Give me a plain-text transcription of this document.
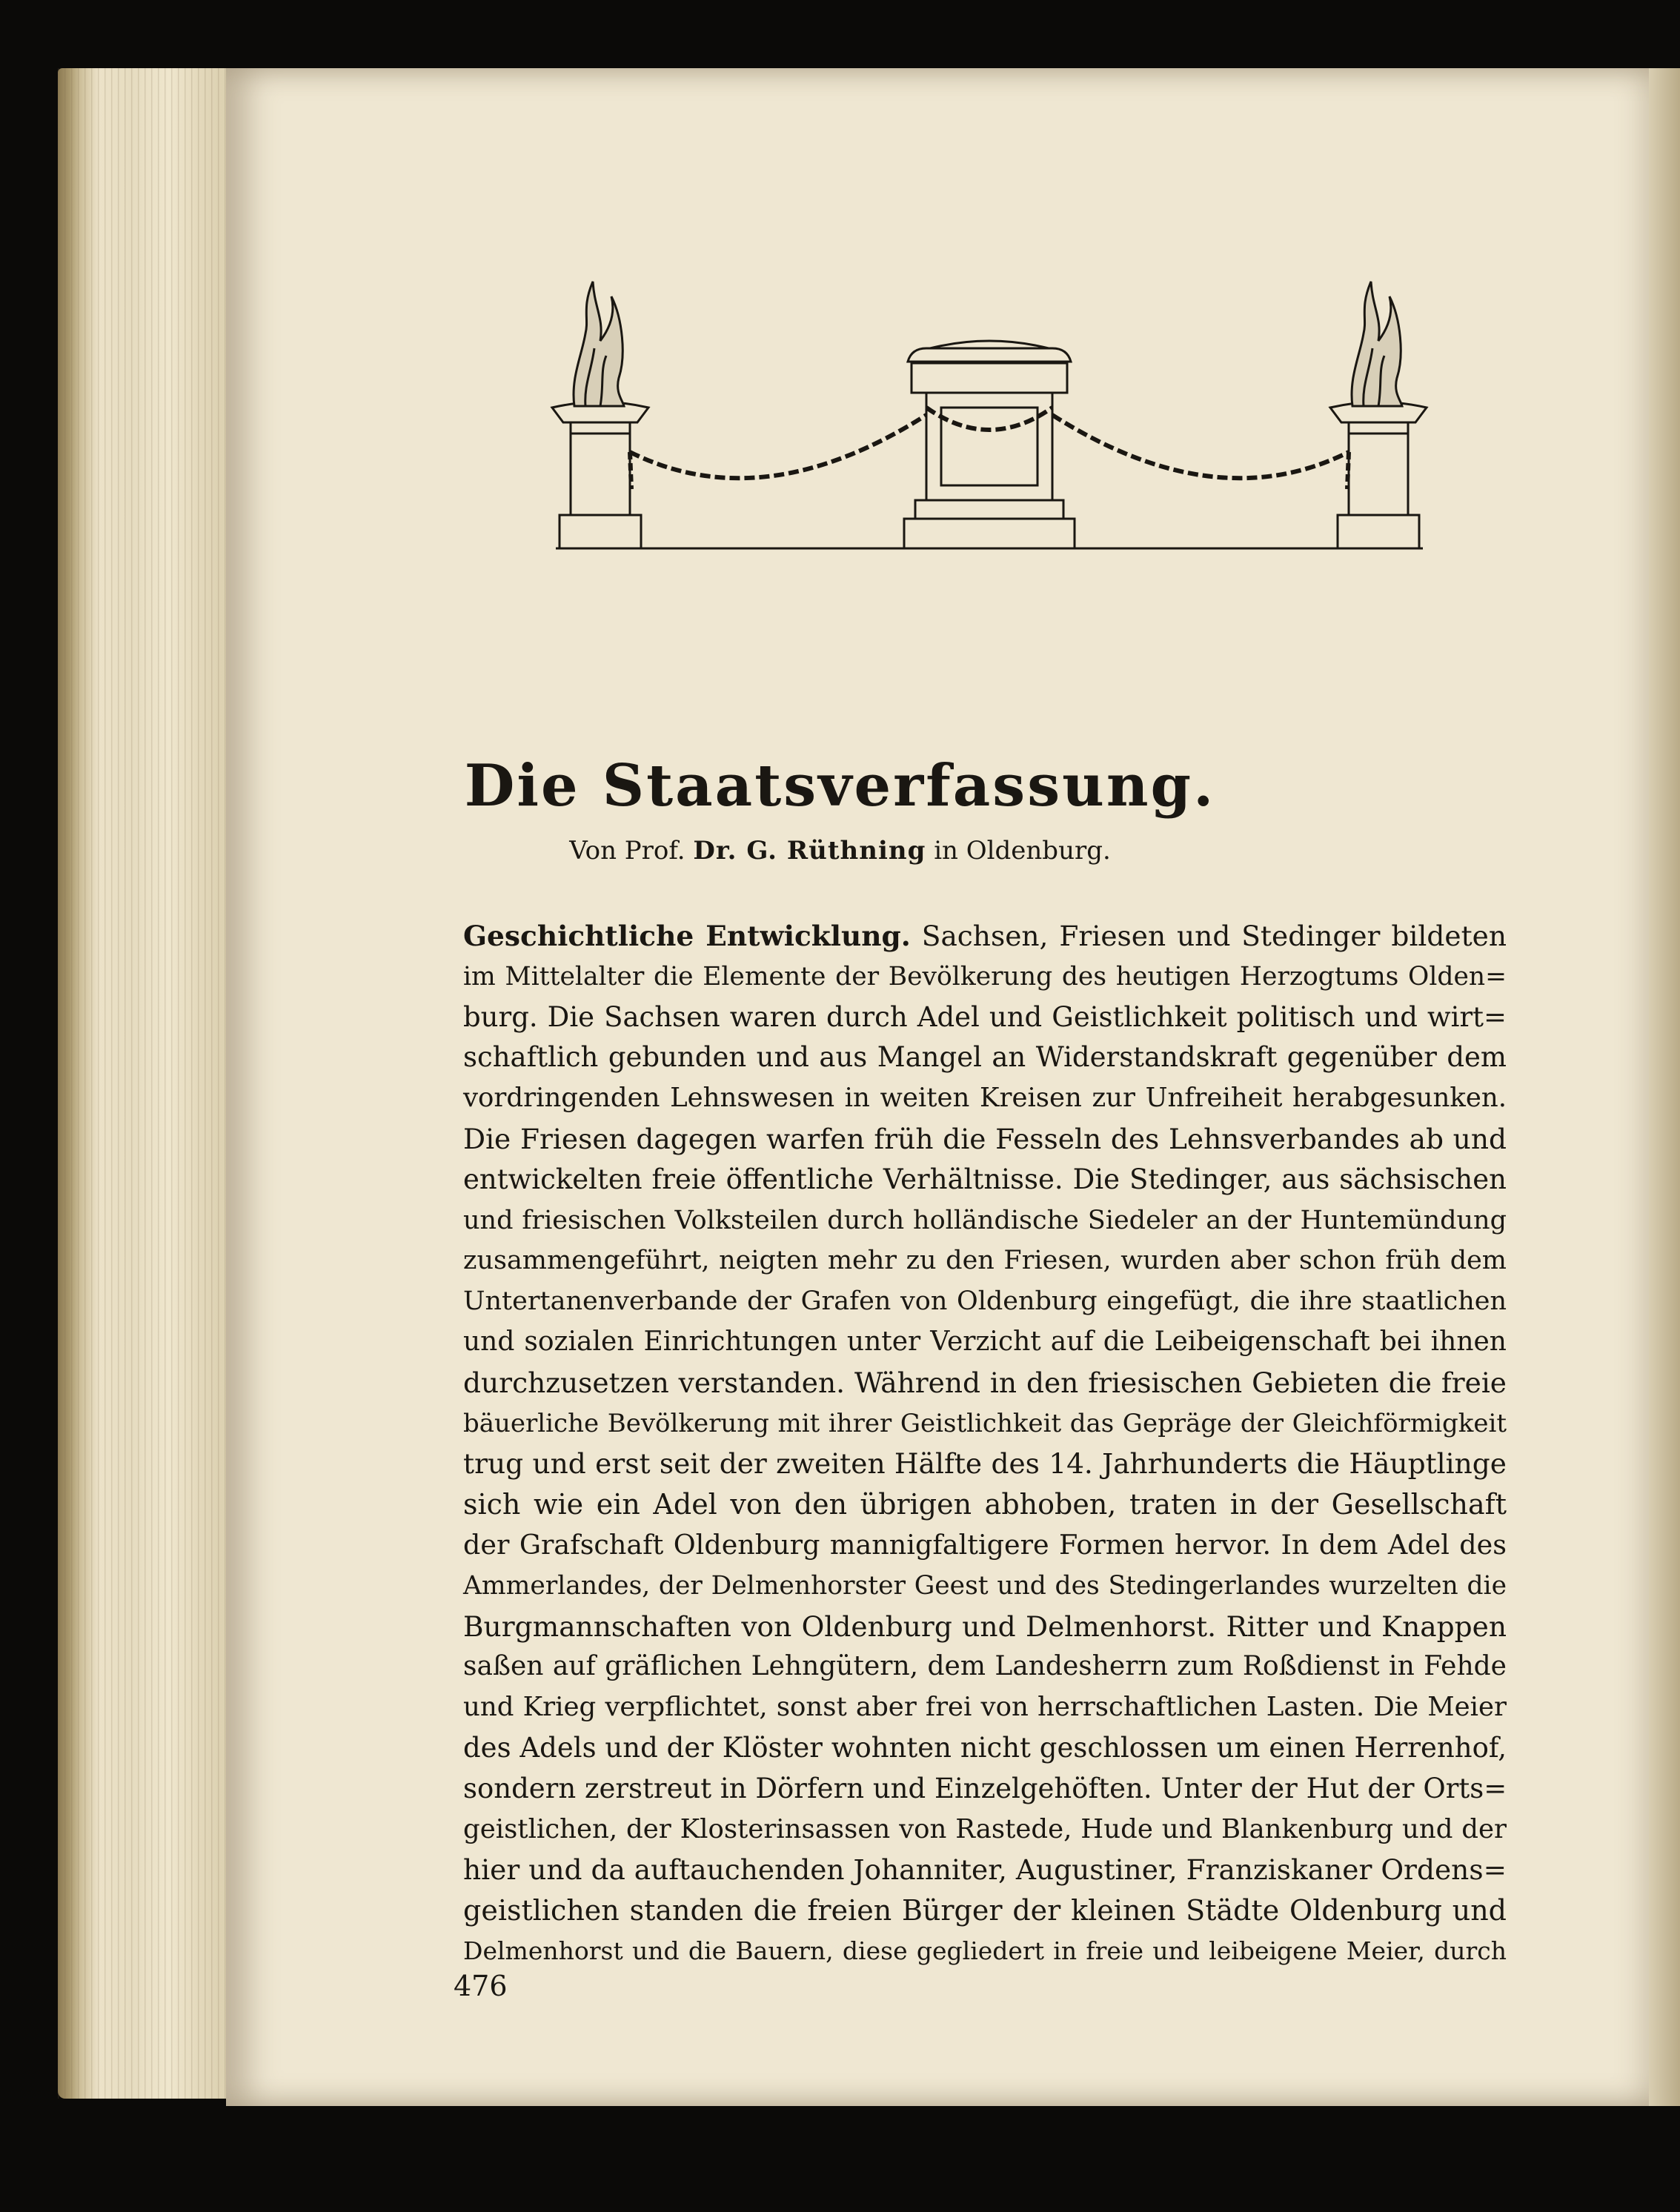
Die Staatsverfassung.
Von Prof. Dr. G. Rüthning in Oldenburg.
Geschichtliche Entwicklung. Sachsen, Friesen und Stedinger bildeten
im Mittelalter die Elemente der Bevölkerung des heutigen Herzogtums Olden=
burg. Die Sachsen waren durch Adel und Geistlichkeit politisch und wirt=
schaftlich gebunden und aus Mangel an Widerstandskraft gegenüber dem
vordringenden Lehnswesen in weiten Kreisen zur Unfreiheit herabgesunken.
Die Friesen dagegen warfen früh die Fesseln des Lehnsverbandes ab und
entwickelten freie öffentliche Verhältnisse. Die Stedinger, aus sächsischen
und friesischen Volksteilen durch holländische Siedeler an der Huntemündung
zusammengeführt, neigten mehr zu den Friesen, wurden aber schon früh dem
Untertanenverbande der Grafen von Oldenburg eingefügt, die ihre staatlichen
und sozialen Einrichtungen unter Verzicht auf die Leibeigenschaft bei ihnen
durchzusetzen verstanden. Während in den friesischen Gebieten die freie
bäuerliche Bevölkerung mit ihrer Geistlichkeit das Gepräge der Gleichförmigkeit
trug und erst seit der zweiten Hälfte des 14. Jahrhunderts die Häuptlinge
sich wie ein Adel von den übrigen abhoben, traten in der Gesellschaft
der Grafschaft Oldenburg mannigfaltigere Formen hervor. In dem Adel des
Ammerlandes, der Delmenhorster Geest und des Stedingerlandes wurzelten die
Burgmannschaften von Oldenburg und Delmenhorst. Ritter und Knappen
saßen auf gräflichen Lehngütern, dem Landesherrn zum Roßdienst in Fehde
und Krieg verpflichtet, sonst aber frei von herrschaftlichen Lasten. Die Meier
des Adels und der Klöster wohnten nicht geschlossen um einen Herrenhof,
sondern zerstreut in Dörfern und Einzelgehöften. Unter der Hut der Orts=
geistlichen, der Klosterinsassen von Rastede, Hude und Blankenburg und der
hier und da auftauchenden Johanniter, Augustiner, Franziskaner Ordens=
geistlichen standen die freien Bürger der kleinen Städte Oldenburg und
Delmenhorst und die Bauern, diese gegliedert in freie und leibeigene Meier, durch
476
